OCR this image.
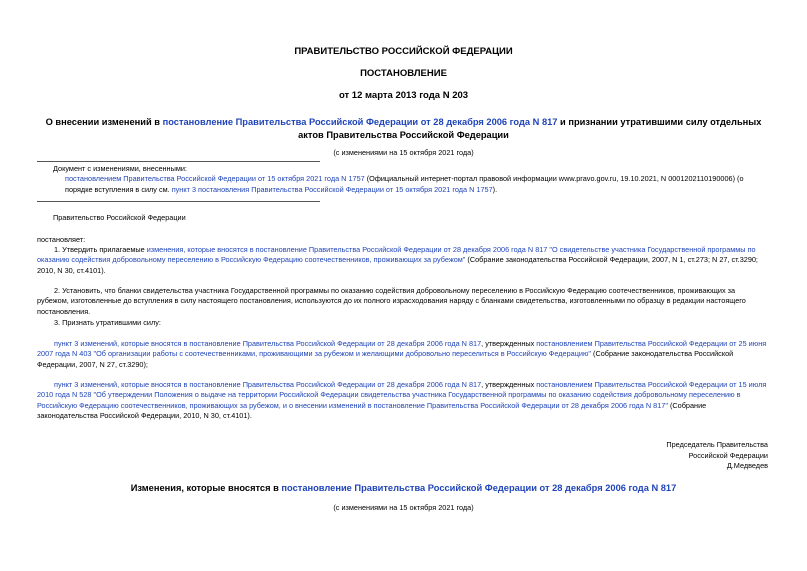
ПРАВИТЕЛЬСТВО РОССИЙСКОЙ ФЕДЕРАЦИИ
ПОСТАНОВЛЕНИЕ
от 12 марта 2013 года N 203
О внесении изменений в постановление Правительства Российской Федерации от 28 декабря 2006 года N 817 и признании утратившими силу отдельных актов Правительства Российской Федерации
(с изменениями на 15 октября 2021 года)
Документ с изменениями, внесенными:
постановлением Правительства Российской Федерации от 15 октября 2021 года N 1757 (Официальный интернет-портал правовой информации www.pravo.gov.ru, 19.10.2021, N 0001202110190006) (о порядке вступления в силу см. пункт 3 постановления Правительства Российской Федерации от 15 октября 2021 года N 1757).
Правительство Российской Федерации
постановляет:
1. Утвердить прилагаемые изменения, которые вносятся в постановление Правительства Российской Федерации от 28 декабря 2006 года N 817 "О свидетельстве участника Государственной программы по оказанию содействия добровольному переселению в Российскую Федерацию соотечественников, проживающих за рубежом" (Собрание законодательства Российской Федерации, 2007, N 1, ст.273; N 27, ст.3290; 2010, N 30, ст.4101).
2. Установить, что бланки свидетельства участника Государственной программы по оказанию содействия добровольному переселению в Российскую Федерацию соотечественников, проживающих за рубежом, изготовленные до вступления в силу настоящего постановления, используются до их полного израсходования наряду с бланками свидетельства, изготовленными по образцу в редакции настоящего постановления.
3. Признать утратившими силу:
пункт 3 изменений, которые вносятся в постановление Правительства Российской Федерации от 28 декабря 2006 года N 817, утвержденных постановлением Правительства Российской Федерации от 25 июня 2007 года N 403 "Об организации работы с соотечественниками, проживающими за рубежом и желающими добровольно переселиться в Российскую Федерацию" (Собрание законодательства Российской Федерации, 2007, N 27, ст.3290);
пункт 3 изменений, которые вносятся в постановление Правительства Российской Федерации от 28 декабря 2006 года N 817, утвержденных постановлением Правительства Российской Федерации от 15 июля 2010 года N 528 "Об утверждении Положения о выдаче на территории Российской Федерации свидетельства участника Государственной программы по оказанию содействия добровольному переселению в Российскую Федерацию соотечественников, проживающих за рубежом, и о внесении изменений в постановление Правительства Российской Федерации от 28 декабря 2006 года N 817" (Собрание законодательства Российской Федерации, 2010, N 30, ст.4101).
Председатель Правительства
Российской Федерации
Д.Медведев
Изменения, которые вносятся в постановление Правительства Российской Федерации от 28 декабря 2006 года N 817
(с изменениями на 15 октября 2021 года)
